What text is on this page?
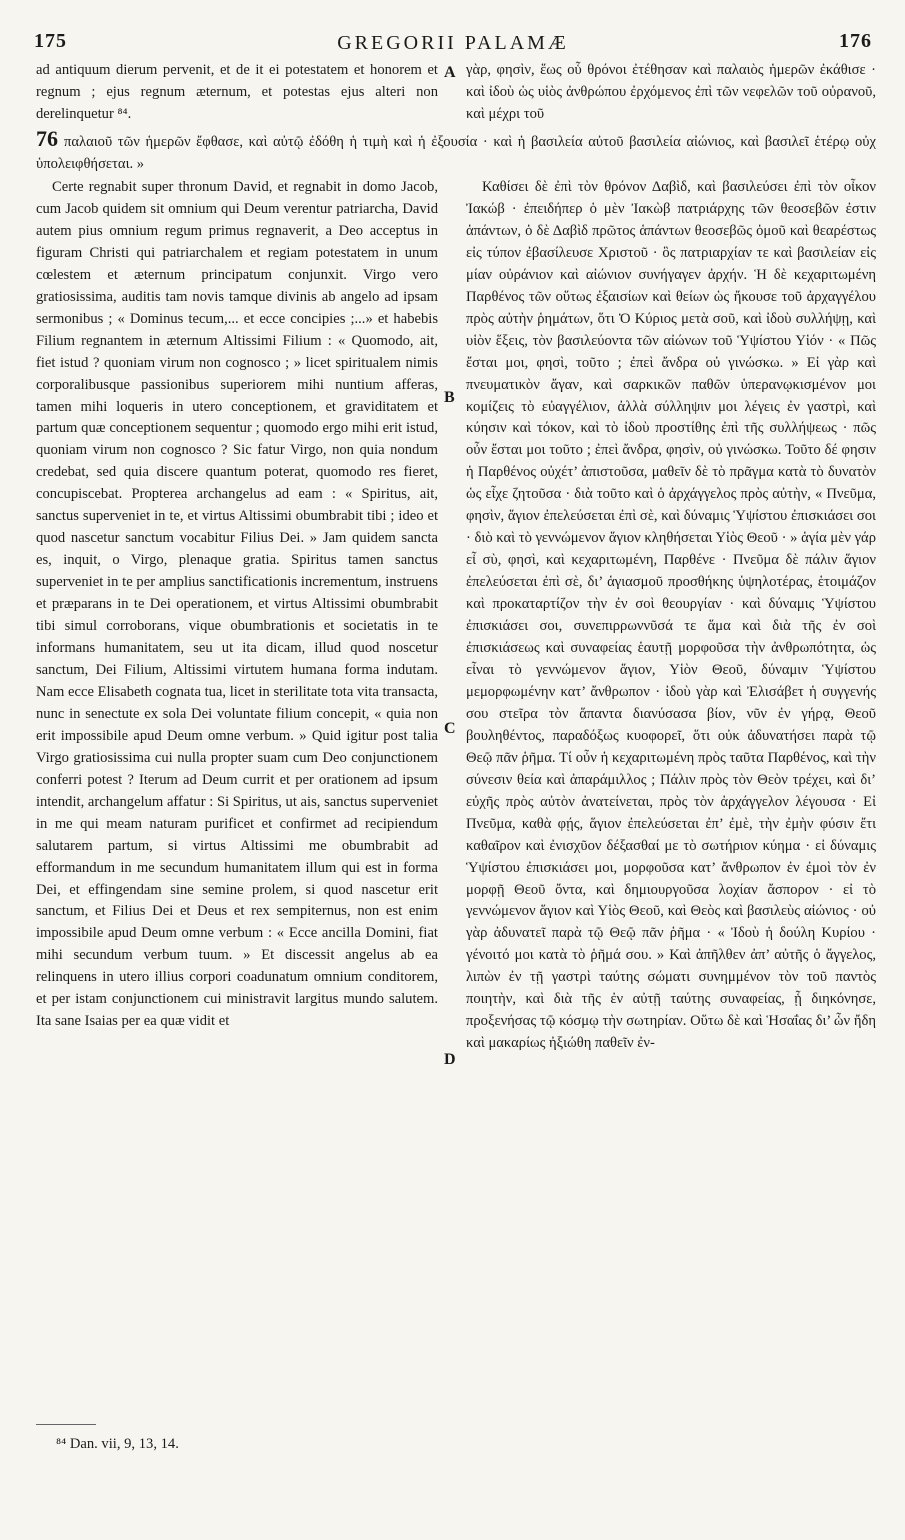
175	GREGORII PALAMÆ	176
A
B
C
D

ad antiquum dierum pervenit, et de it ei potestatem et honorem et regnum ; ejus regnum æternum, et potestas ejus alteri non derelinquetur ⁸⁴.

γὰρ, φησὶν, ἕως οὗ θρόνοι ἐτέθησαν καὶ παλαιὸς ἡμερῶν ἐκάθισε · καὶ ἰδοὺ ὡς υἱὸς ἀνθρώπου ἐρχόμενος ἐπὶ τῶν νεφελῶν τοῦ οὐρανοῦ, καὶ μέχρι τοῦ

76 παλαιοῦ τῶν ἡμερῶν ἔφθασε, καὶ αὐτῷ ἐδόθη ἡ τιμὴ καὶ ἡ ἐξουσία · καὶ ἡ βασιλεία αὐτοῦ βασιλεία αἰώνιος, καὶ βασιλεῖ ἑτέρῳ οὐχ ὑπολειφθήσεται. »

Certe regnabit super thronum David, et regnabit in domo Jacob, cum Jacob quidem sit omnium qui Deum verentur patriarcha, David autem pius omnium regum primus regnaverit, a Deo acceptus in figuram Christi qui patriarchalem et regiam potestatem in unum cœlestem et æternum principatum conjunxit. Virgo vero gratiosissima, auditis tam novis tamque divinis ab angelo ad ipsam sermonibus ; « Dominus tecum,... et ecce concipies ;...» et habebis Filium regnantem in æternum Altissimi Filium : « Quomodo, ait, fiet istud ? quoniam virum non cognosco ; » licet spiritualem nimis corporalibusque passionibus superiorem mihi nuntium afferas, tamen mihi loqueris in utero conceptionem, et graviditatem et partum quæ conceptionem sequentur ; quomodo ergo mihi erit istud, quoniam virum non cognosco ? Sic fatur Virgo, non quia nondum credebat, sed quia discere quantum poterat, quomodo res fieret, concupiscebat. Propterea archangelus ad eam : « Spiritus, ait, sanctus superveniet in te, et virtus Altissimi obumbrabit tibi ; ideo et quod nascetur sanctum vocabitur Filius Dei. » Jam quidem sancta es, inquit, o Virgo, plenaque gratia. Spiritus tamen sanctus superveniet in te per amplius sanctificationis incrementum, instruens et præparans in te Dei operationem, et virtus Altissimi obumbrabit tibi simul corroborans, vique obumbrationis et societatis in te informans humanitatem, seu ut ita dicam, illud quod noscetur sanctum, Dei Filium, Altissimi virtutem humana forma indutam. Nam ecce Elisabeth cognata tua, licet in sterilitate tota vita transacta, nunc in senectute ex sola Dei voluntate filium concepit, « quia non erit impossibile apud Deum omne verbum. » Quid igitur post talia Virgo gratiosissima cui nulla propter suam cum Deo conjunctionem conferri potest ? Iterum ad Deum currit et per orationem ad ipsum intendit, archangelum affatur : Si Spiritus, ut ais, sanctus superveniet in me qui meam naturam purificet et confirmet ad recipiendum salutarem partum, si virtus Altissimi me obumbrabit ad efformandum in me secundum humanitatem illum qui est in forma Dei, et effingendam sine semine prolem, si quod nascetur erit sanctum, et Filius Dei et Deus et rex sempiternus, non est enim impossibile apud Deum omne verbum : « Ecce ancilla Domini, fiat mihi secundum verbum tuum. » Et discessit angelus ab ea relinquens in utero illius corpori coadunatum omnium conditorem, et per istam conjunctionem cui ministravit largitus mundo salutem. Ita sane Isaias per ea quæ vidit et

Καθίσει δὲ ἐπὶ τὸν θρόνον Δαβὶδ, καὶ βασιλεύσει ἐπὶ τὸν οἶκον Ἰακώβ · ἐπειδήπερ ὁ μὲν Ἰακὼβ πατριάρχης τῶν θεοσεβῶν ἐστιν ἁπάντων, ὁ δὲ Δαβὶδ πρῶτος ἁπάντων θεοσεβῶς ὁμοῦ καὶ θεαρέστως εἰς τύπον ἐβασίλευσε Χριστοῦ · ὃς πατριαρχίαν τε καὶ βασιλείαν εἰς μίαν οὐράνιον καὶ αἰώνιον συνήγαγεν ἀρχήν. Ἡ δὲ κεχαριτωμένη Παρθένος τῶν οὕτως ἐξαισίων καὶ θείων ὡς ἤκουσε τοῦ ἀρχαγγέλου πρὸς αὐτὴν ῥημάτων, ὅτι Ὁ Κύριος μετὰ σοῦ, καὶ ἰδοὺ συλλήψῃ, καὶ υἱὸν ἕξεις, τὸν βασιλεύοντα τῶν αἰώνων τοῦ Ὑψίστου Υἱόν · « Πῶς ἔσται μοι, φησὶ, τοῦτο ; ἐπεὶ ἄνδρα οὐ γινώσκω. » Εἰ γὰρ καὶ πνευματικὸν ἄγαν, καὶ σαρκικῶν παθῶν ὑπερανῳκισμένον μοι κομίζεις τὸ εὐαγγέλιον, ἀλλὰ σύλληψιν μοι λέγεις ἐν γαστρὶ, καὶ κύησιν καὶ τόκον, καὶ τὸ ἰδοὺ προστίθης ἐπὶ τῆς συλλήψεως · πῶς οὖν ἔσται μοι τοῦτο ; ἐπεὶ ἄνδρα, φησὶν, οὐ γινώσκω. Τοῦτο δέ φησιν ἡ Παρθένος οὐχέτ’ ἀπιστοῦσα, μαθεῖν δὲ τὸ πρᾶγμα κατὰ τὸ δυνατὸν ὡς εἶχε ζητοῦσα · διὰ τοῦτο καὶ ὁ ἀρχάγγελος πρὸς αὐτὴν, « Πνεῦμα, φησὶν, ἅγιον ἐπελεύσεται ἐπὶ σὲ, καὶ δύναμις Ὑψίστου ἐπισκιάσει σοι · διὸ καὶ τὸ γεννώμενον ἅγιον κληθήσεται Υἱὸς Θεοῦ · » ἁγία μὲν γάρ εἶ σὺ, φησὶ, καὶ κεχαριτωμένη, Παρθένε · Πνεῦμα δὲ πάλιν ἅγιον ἐπελεύσεται ἐπὶ σὲ, δι’ ἁγιασμοῦ προσθήκης ὑψηλοτέρας, ἑτοιμάζον καὶ προκαταρτίζον τὴν ἐν σοὶ θεουργίαν · καὶ δύναμις Ὑψίστου ἐπισκιάσει σοι, συνεπιρρωννῦσά τε ἅμα καὶ διὰ τῆς ἐν σοὶ ἐπισκιάσεως καὶ συναφείας ἑαυτῇ μορφοῦσα τὴν ἀνθρωπότητα, ὡς εἶναι τὸ γεννώμενον ἅγιον, Υἱὸν Θεοῦ, δύναμιν Ὑψίστου μεμορφωμένην κατ’ ἄνθρωπον · ἰδοὺ γὰρ καὶ Ἐλισάβετ ἡ συγγενής σου στεῖρα τὸν ἅπαντα διανύσασα βίον, νῦν ἐν γήρᾳ, Θεοῦ βουληθέντος, παραδόξως κυοφορεῖ, ὅτι οὐκ ἀδυνατήσει παρὰ τῷ Θεῷ πᾶν ῥῆμα. Τί οὖν ἡ κεχαριτωμένη πρὸς ταῦτα Παρθένος, καὶ τὴν σύνεσιν θεία καὶ ἀπαράμιλλος ; Πάλιν πρὸς τὸν Θεὸν τρέχει, καὶ δι’ εὐχῆς πρὸς αὐτὸν ἀνατείνεται, πρὸς τὸν ἀρχάγγελον λέγουσα · Εἰ Πνεῦμα, καθὰ φῄς, ἅγιον ἐπελεύσεται ἐπ’ ἐμὲ, τὴν ἐμὴν φύσιν ἔτι καθαῖρον καὶ ἐνισχῦον δέξασθαί με τὸ σωτήριον κύημα · εἰ δύναμις Ὑψίστου ἐπισκιάσει μοι, μορφοῦσα κατ’ ἄνθρωπον ἐν ἐμοὶ τὸν ἐν μορφῇ Θεοῦ ὄντα, καὶ δημιουργοῦσα λοχίαν ἄσπορον · εἰ τὸ γεννώμενον ἅγιον καὶ Υἱὸς Θεοῦ, καὶ Θεὸς καὶ βασιλεὺς αἰώνιος · οὐ γὰρ ἀδυνατεῖ παρὰ τῷ Θεῷ πᾶν ῥῆμα · « Ἰδοὺ ἡ δούλη Κυρίου · γένοιτό μοι κατὰ τὸ ῥῆμά σου. » Καὶ ἀπῆλθεν ἀπ’ αὐτῆς ὁ ἄγγελος, λιπὼν ἐν τῇ γαστρὶ ταύτης σώματι συνημμένον τὸν τοῦ παντὸς ποιητὴν, καὶ διὰ τῆς ἐν αὐτῇ ταύτης συναφείας, ᾗ διηκόνησε, προξενήσας τῷ κόσμῳ τὴν σωτηρίαν. Οὕτω δὲ καὶ Ἡσαΐας δι’ ὧν ἤδη καὶ μακαρίως ἠξιώθη παθεῖν ἐν-

⁸⁴ Dan. vii, 9, 13, 14.
